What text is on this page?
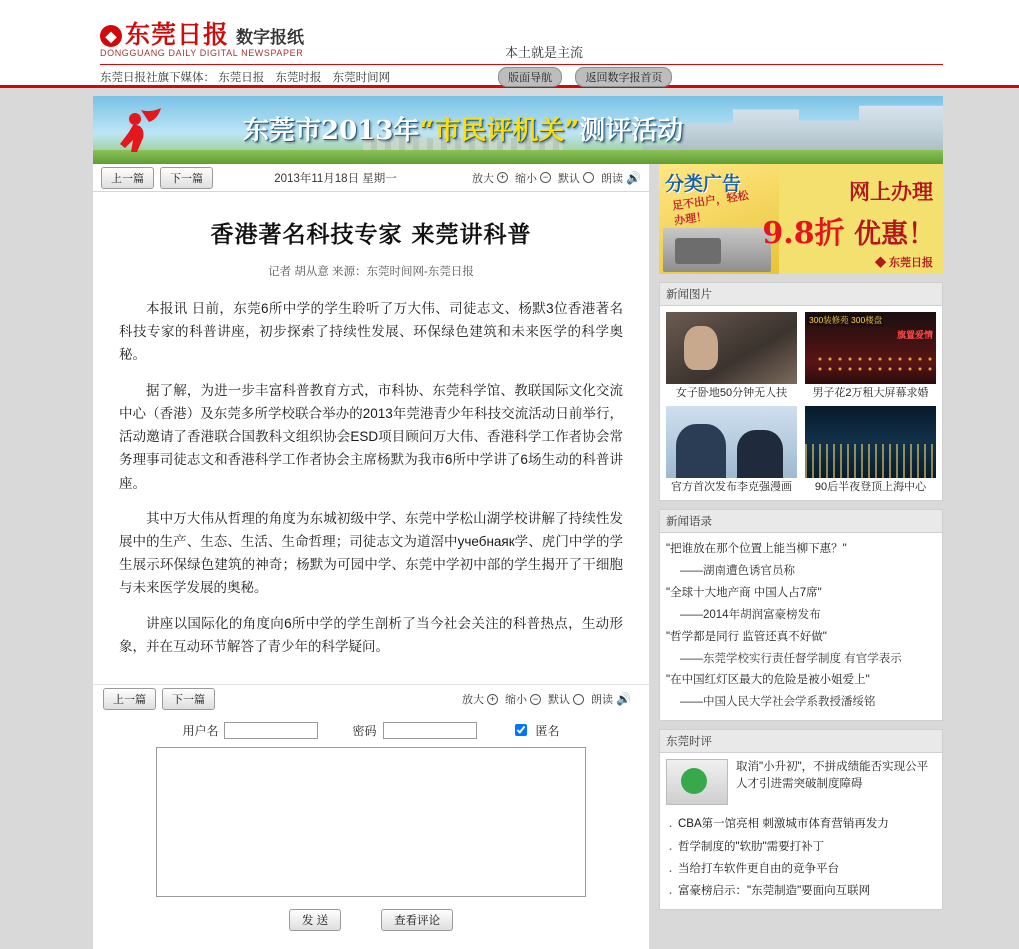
◆ 东莞日报 数字报纸
DONGGUANG DAILY DIGITAL NEWSPAPER	本土就是主流
东莞日报社旗下媒体： 东莞日报 东莞时报 东莞时间网	版面导航	返回数字报首页
东莞市2013年“市民评机关”测评活动
上一篇	下一篇	2013年11月18日 星期一	放大 + 缩小 − 默认 朗读 🔊
香港著名科技专家 来莞讲科普
记者 胡从意 来源：东莞时间网-东莞日报

本报讯 日前，东莞6所中学的学生聆听了万大伟、司徒志文、杨默3位香港著名科技专家的科普讲座，初步探索了持续性发展、环保绿色建筑和未来医学的科学奥秘。

据了解，为进一步丰富科普教育方式，市科协、东莞科学馆、教联国际文化交流中心（香港）及东莞多所学校联合举办的2013年莞港青少年科技交流活动日前举行，活动邀请了香港联合国教科文组织协会ESD项目顾问万大伟、香港科学工作者协会常务理事司徒志文和香港科学工作者协会主席杨默为我市6所中学讲了6场生动的科普讲座。

其中万大伟从哲理的角度为东城初级中学、东莞中学松山湖学校讲解了持续性发展中的生产、生态、生活、生命哲理；司徒志文为道滘中учебнаяк学、虎门中学的学生展示环保绿色建筑的神奇；杨默为可园中学、东莞中学初中部的学生揭开了干细胞与未来医学发展的奥秘。

讲座以国际化的角度向6所中学的学生剖析了当今社会关注的科普热点，生动形象，并在互动环节解答了青少年的科学疑问。

上一篇	下一篇	放大 + 缩小 − 默认 朗读 🔊
用户名	密码	匿名
发 送	查看评论
分类广告
足不出户，轻松办理！
网上办理
9.8折 优惠！
◆ 东莞日报
新闻图片
女子卧地50分钟无人扶
300装修苑 300楼盘
旗置爱情
男子花2万租大屏幕求婚
官方首次发布李克强漫画	90后半夜登顶上海中心
新闻语录
"把谁放在那个位置上能当柳下惠？"
——湖南遭色诱官员称
"全球十大地产商 中国人占7席"
——2014年胡润富豪榜发布
"哲学都是同行 监管还真不好做"
——东莞学校实行责任督学制度 有官学表示
"在中国红灯区最大的危险是被小姐爱上"
——中国人民大学社会学系教授潘绥铭
东莞时评
取消"小升初"，不拼成绩能否实现公平
人才引进需突破制度障碍
· CBA第一馆亮相 刺激城市体育营销再发力
· 哲学制度的"软肋"需要打补丁
· 当给打车软件更自由的竞争平台
· 富豪榜启示："东莞制造"要面向互联网
